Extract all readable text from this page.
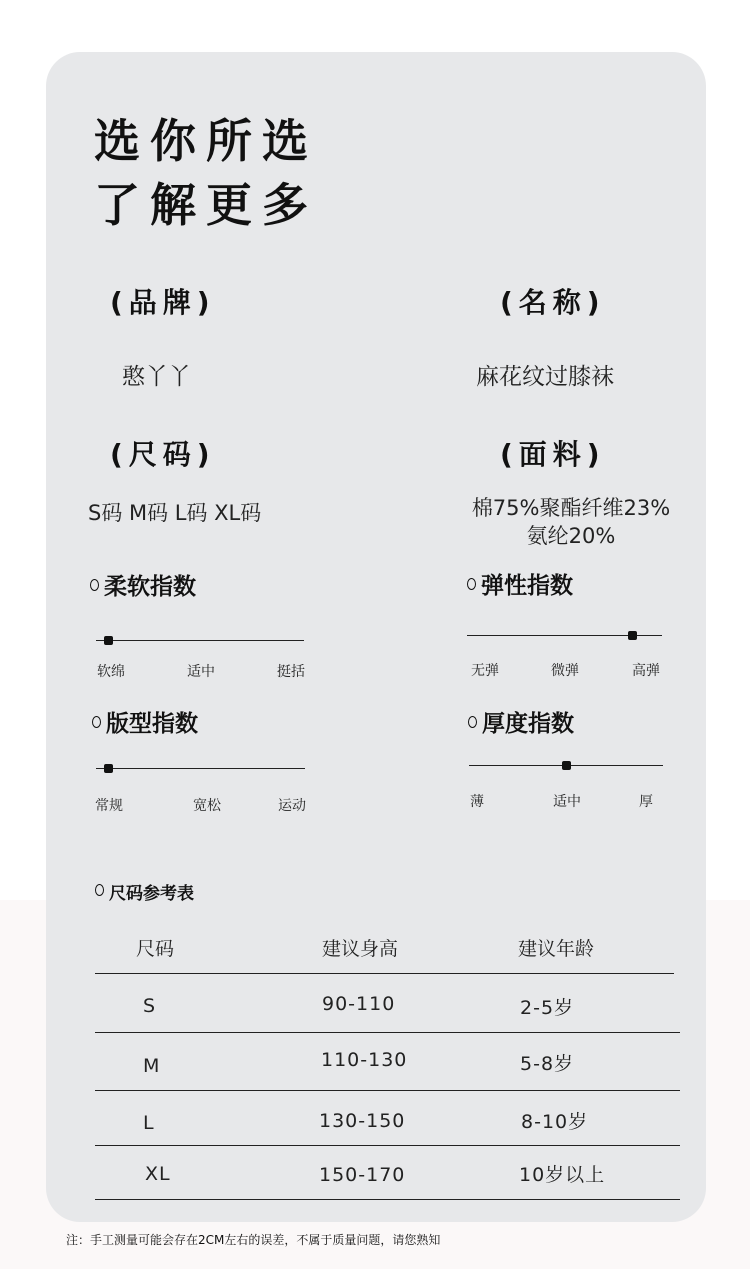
选你所选
了解更多
(品牌)
憨丫丫
(名称)
麻花纹过膝袜
(尺码)
S码 M码 L码 XL码
(面料)
棉75%聚酯纤维23%
氨纶20%
柔软指数
软绵	适中	挺括
弹性指数
无弹	微弹	高弹
版型指数
常规	宽松	运动
厚度指数
薄	适中	厚
尺码参考表
尺码	建议身高	建议年龄
S	90-110	2-5岁
M	110-130	5-8岁
L	130-150	8-10岁
XL	150-170	10岁以上
注：手工测量可能会存在2CM左右的误差，不属于质量问题，请您熟知
